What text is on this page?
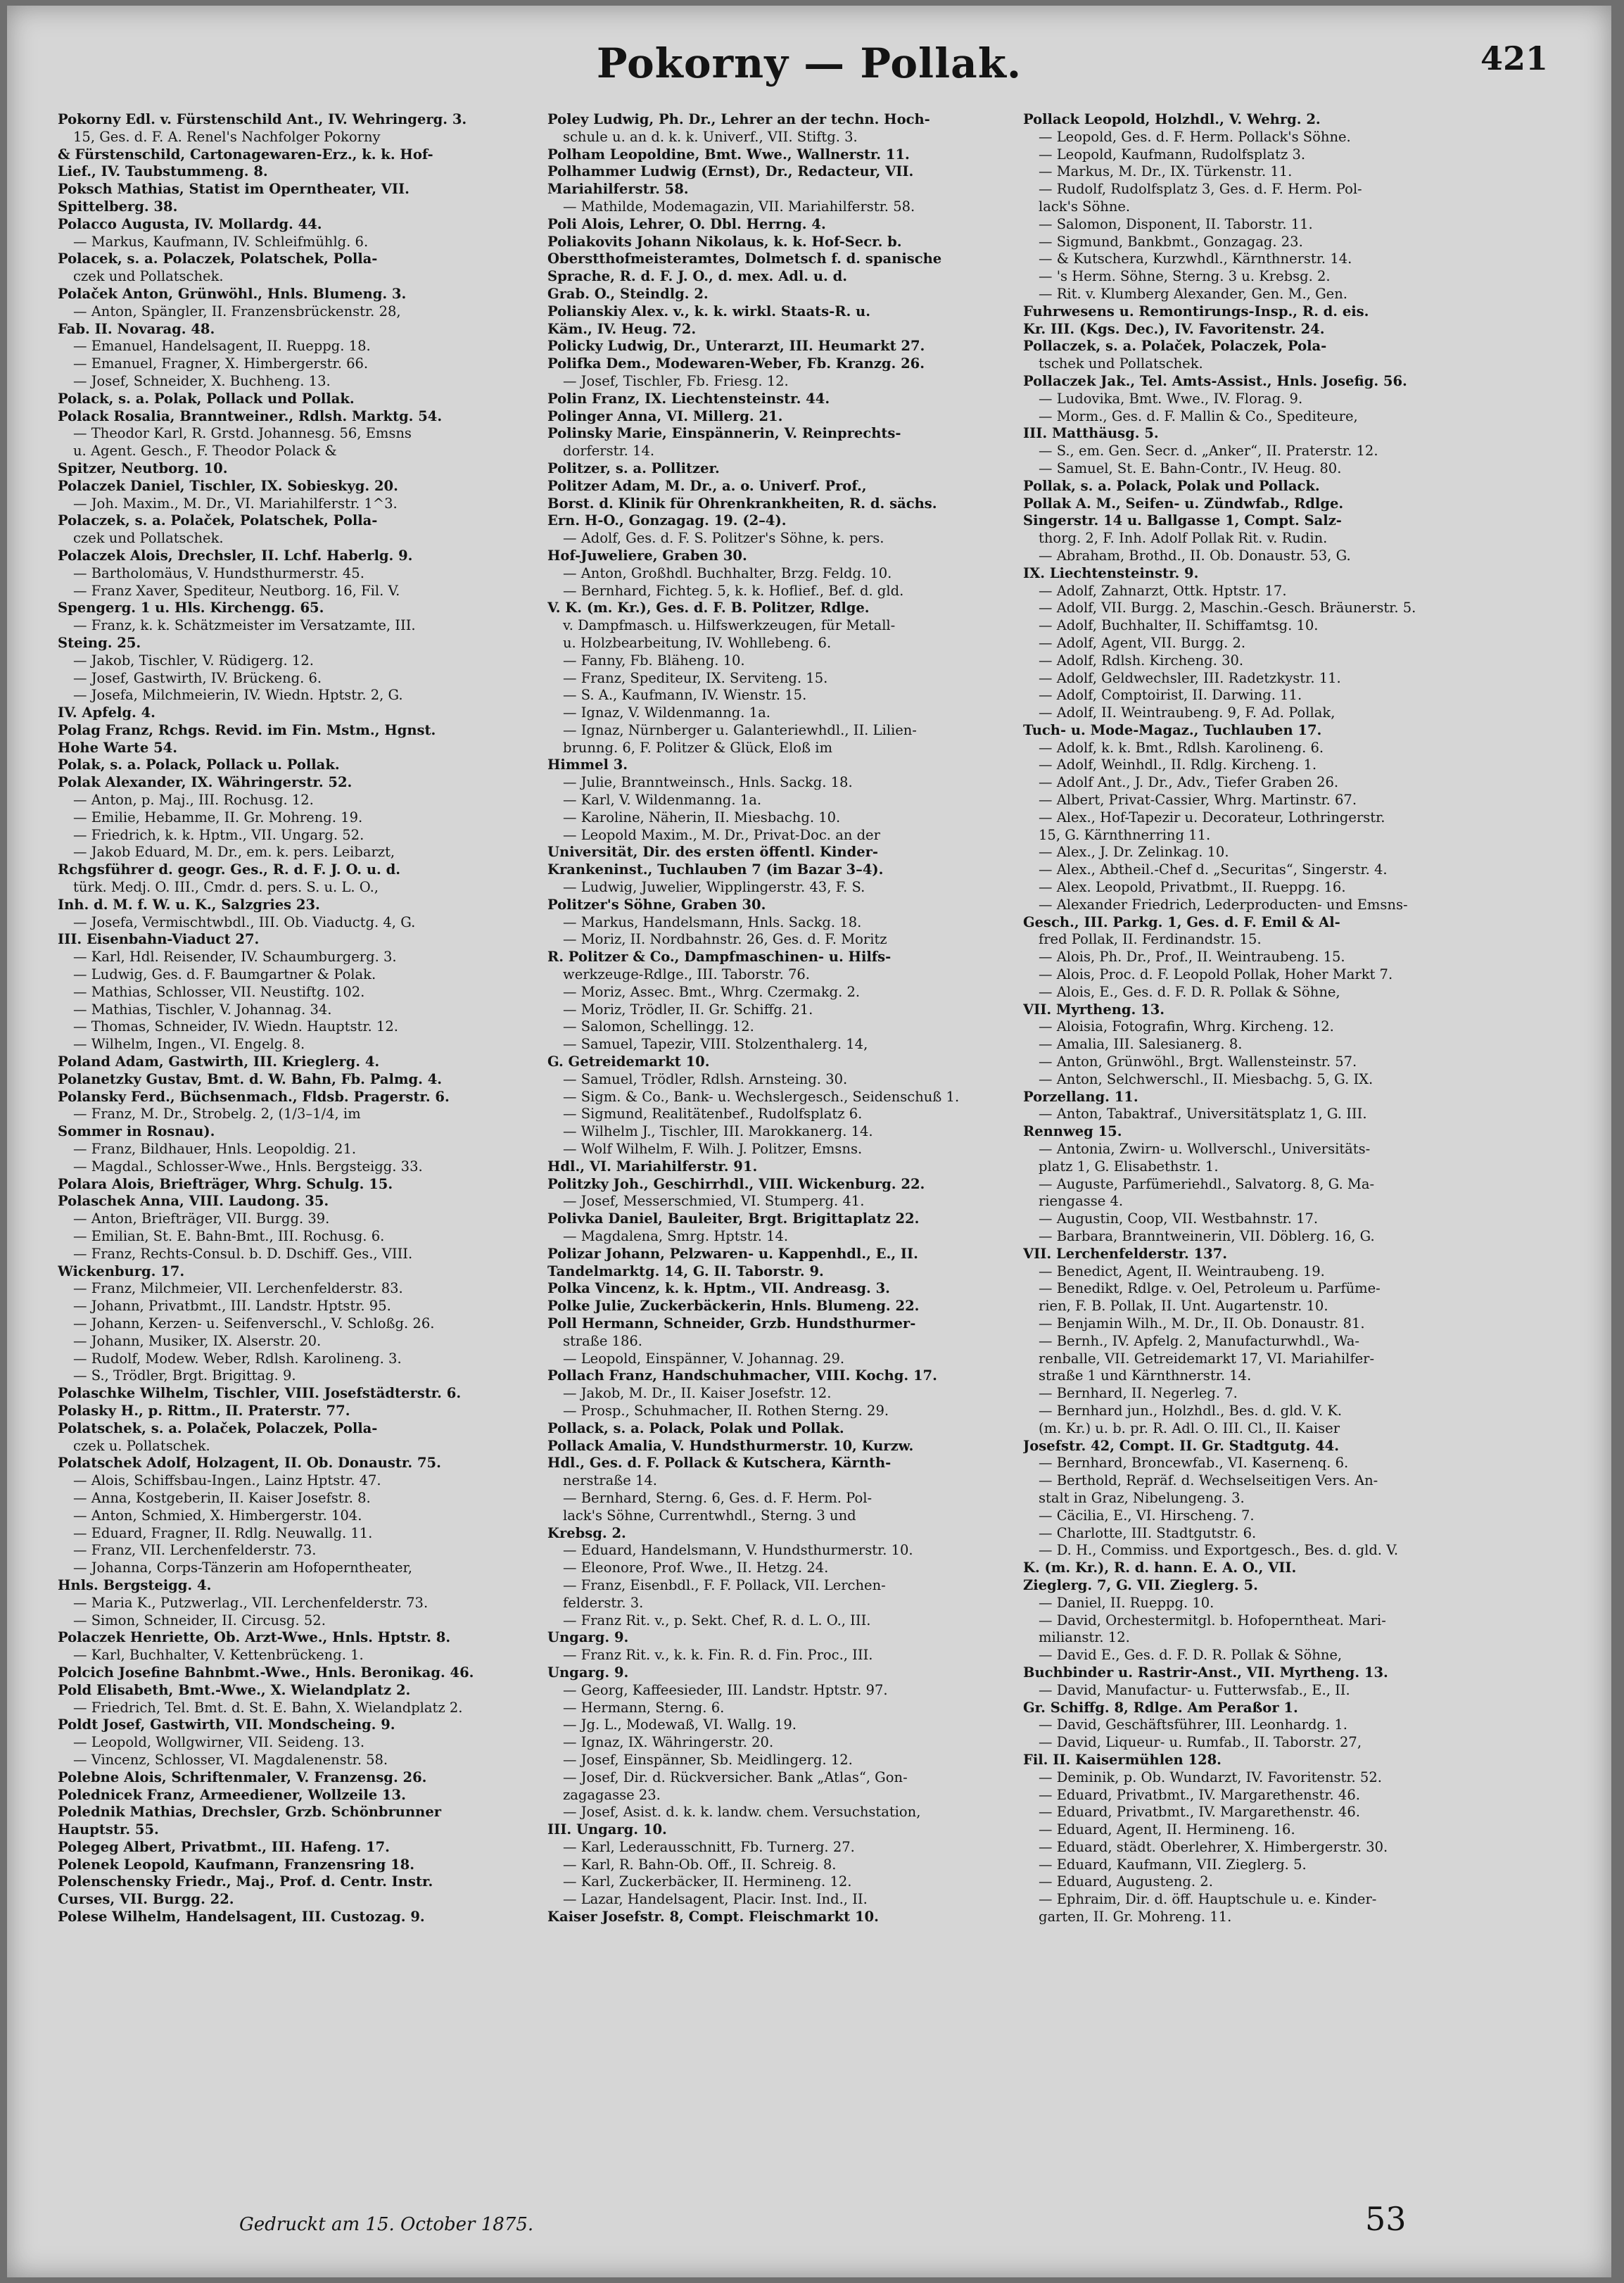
Pokorny — Pollak.	421
Pokorny Edl. v. Fürstenschild Ant., IV. Wehringerg. 3.
15, Ges. d. F. A. Renel's Nachfolger Pokorny
& Fürstenschild, Cartonagewaren-Erz., k. k. Hof-
Lief., IV. Taubstummeng. 8.
Poksch Mathias, Statist im Operntheater, VII.
Spittelberg. 38.
Polacco Augusta, IV. Mollardg. 44.
— Markus, Kaufmann, IV. Schleifmühlg. 6.
Polacek, s. a. Polaczek, Polatschek, Polla-
czek und Pollatschek.
Polaček Anton, Grünwöhl., Hnls. Blumeng. 3.
— Anton, Spängler, II. Franzensbrückenstr. 28,
Fab. II. Novarag. 48.
— Emanuel, Handelsagent, II. Rueppg. 18.
— Emanuel, Fragner, X. Himbergerstr. 66.
— Josef, Schneider, X. Buchheng. 13.
Polack, s. a. Polak, Pollack und Pollak.
Polack Rosalia, Branntweiner., Rdlsh. Marktg. 54.
— Theodor Karl, R. Grstd. Johannesg. 56, Emsns
u. Agent. Gesch., F. Theodor Polack &
Spitzer, Neutborg. 10.
Polaczek Daniel, Tischler, IX. Sobieskyg. 20.
— Joh. Maxim., M. Dr., VI. Mariahilferstr. 1^3.
Polaczek, s. a. Polaček, Polatschek, Polla-
czek und Pollatschek.
Polaczek Alois, Drechsler, II. Lchf. Haberlg. 9.
— Bartholomäus, V. Hundsthurmerstr. 45.
— Franz Xaver, Spediteur, Neutborg. 16, Fil. V.
Spengerg. 1 u. Hls. Kirchengg. 65.
— Franz, k. k. Schätzmeister im Versatzamte, III.
Steing. 25.
— Jakob, Tischler, V. Rüdigerg. 12.
— Josef, Gastwirth, IV. Brückeng. 6.
— Josefa, Milchmeierin, IV. Wiedn. Hptstr. 2, G.
IV. Apfelg. 4.
Polag Franz, Rchgs. Revid. im Fin. Mstm., Hgnst.
Hohe Warte 54.
Polak, s. a. Polack, Pollack u. Pollak.
Polak Alexander, IX. Währingerstr. 52.
— Anton, p. Maj., III. Rochusg. 12.
— Emilie, Hebamme, II. Gr. Mohreng. 19.
— Friedrich, k. k. Hptm., VII. Ungarg. 52.
— Jakob Eduard, M. Dr., em. k. pers. Leibarzt,
Rchgsführer d. geogr. Ges., R. d. F. J. O. u. d.
türk. Medj. O. III., Cmdr. d. pers. S. u. L. O.,
Inh. d. M. f. W. u. K., Salzgries 23.
— Josefa, Vermischtwbdl., III. Ob. Viaductg. 4, G.
III. Eisenbahn-Viaduct 27.
— Karl, Hdl. Reisender, IV. Schaumburgerg. 3.
— Ludwig, Ges. d. F. Baumgartner & Polak.
— Mathias, Schlosser, VII. Neustiftg. 102.
— Mathias, Tischler, V. Johannag. 34.
— Thomas, Schneider, IV. Wiedn. Hauptstr. 12.
— Wilhelm, Ingen., VI. Engelg. 8.
Poland Adam, Gastwirth, III. Krieglerg. 4.
Polanetzky Gustav, Bmt. d. W. Bahn, Fb. Palmg. 4.
Polansky Ferd., Büchsenmach., Fldsb. Pragerstr. 6.
— Franz, M. Dr., Strobelg. 2, (1/3–1/4, im
Sommer in Rosnau).
— Franz, Bildhauer, Hnls. Leopoldig. 21.
— Magdal., Schlosser-Wwe., Hnls. Bergsteigg. 33.
Polara Alois, Briefträger, Whrg. Schulg. 15.
Polaschek Anna, VIII. Laudong. 35.
— Anton, Briefträger, VII. Burgg. 39.
— Emilian, St. E. Bahn-Bmt., III. Rochusg. 6.
— Franz, Rechts-Consul. b. D. Dschiff. Ges., VIII.
Wickenburg. 17.
— Franz, Milchmeier, VII. Lerchenfelderstr. 83.
— Johann, Privatbmt., III. Landstr. Hptstr. 95.
— Johann, Kerzen- u. Seifenverschl., V. Schloßg. 26.
— Johann, Musiker, IX. Alserstr. 20.
— Rudolf, Modew. Weber, Rdlsh. Karolineng. 3.
— S., Trödler, Brgt. Brigittag. 9.
Polaschke Wilhelm, Tischler, VIII. Josefstädterstr. 6.
Polasky H., p. Rittm., II. Praterstr. 77.
Polatschek, s. a. Polaček, Polaczek, Polla-
czek u. Pollatschek.
Polatschek Adolf, Holzagent, II. Ob. Donaustr. 75.
— Alois, Schiffsbau-Ingen., Lainz Hptstr. 47.
— Anna, Kostgeberin, II. Kaiser Josefstr. 8.
— Anton, Schmied, X. Himbergerstr. 104.
— Eduard, Fragner, II. Rdlg. Neuwallg. 11.
— Franz, VII. Lerchenfelderstr. 73.
— Johanna, Corps-Tänzerin am Hofoperntheater,
Hnls. Bergsteigg. 4.
— Maria K., Putzwerlag., VII. Lerchenfelderstr. 73.
— Simon, Schneider, II. Circusg. 52.
Polaczek Henriette, Ob. Arzt-Wwe., Hnls. Hptstr. 8.
— Karl, Buchhalter, V. Kettenbrückeng. 1.
Polcich Josefine Bahnbmt.-Wwe., Hnls. Beronikag. 46.
Pold Elisabeth, Bmt.-Wwe., X. Wielandplatz 2.
— Friedrich, Tel. Bmt. d. St. E. Bahn, X. Wielandplatz 2.
Poldt Josef, Gastwirth, VII. Mondscheing. 9.
— Leopold, Wollgwirner, VII. Seideng. 13.
— Vincenz, Schlosser, VI. Magdalenenstr. 58.
Polebne Alois, Schriftenmaler, V. Franzensg. 26.
Polednicek Franz, Armeediener, Wollzeile 13.
Polednik Mathias, Drechsler, Grzb. Schönbrunner
Hauptstr. 55.
Polegeg Albert, Privatbmt., III. Hafeng. 17.
Polenek Leopold, Kaufmann, Franzensring 18.
Polenschensky Friedr., Maj., Prof. d. Centr. Instr.
Curses, VII. Burgg. 22.
Polese Wilhelm, Handelsagent, III. Custozag. 9.
Poley Ludwig, Ph. Dr., Lehrer an der techn. Hoch-
schule u. an d. k. k. Univerf., VII. Stiftg. 3.
Polham Leopoldine, Bmt. Wwe., Wallnerstr. 11.
Polhammer Ludwig (Ernst), Dr., Redacteur, VII.
Mariahilferstr. 58.
— Mathilde, Modemagazin, VII. Mariahilferstr. 58.
Poli Alois, Lehrer, O. Dbl. Herrng. 4.
Poliakovits Johann Nikolaus, k. k. Hof-Secr. b.
Oberstthofmeisteramtes, Dolmetsch f. d. spanische
Sprache, R. d. F. J. O., d. mex. Adl. u. d.
Grab. O., Steindlg. 2.
Polianskiy Alex. v., k. k. wirkl. Staats-R. u.
Käm., IV. Heug. 72.
Policky Ludwig, Dr., Unterarzt, III. Heumarkt 27.
Polifka Dem., Modewaren-Weber, Fb. Kranzg. 26.
— Josef, Tischler, Fb. Friesg. 12.
Polin Franz, IX. Liechtensteinstr. 44.
Polinger Anna, VI. Millerg. 21.
Polinsky Marie, Einspännerin, V. Reinprechts-
dorferstr. 14.
Politzer, s. a. Pollitzer.
Politzer Adam, M. Dr., a. o. Univerf. Prof.,
Borst. d. Klinik für Ohrenkrankheiten, R. d. sächs.
Ern. H-O., Gonzagag. 19. (2–4).
— Adolf, Ges. d. F. S. Politzer's Söhne, k. pers.
Hof-Juweliere, Graben 30.
— Anton, Großhdl. Buchhalter, Brzg. Feldg. 10.
— Bernhard, Fichteg. 5, k. k. Hoflief., Bef. d. gld.
V. K. (m. Kr.), Ges. d. F. B. Politzer, Rdlge.
v. Dampfmasch. u. Hilfswerkzeugen, für Metall-
u. Holzbearbeitung, IV. Wohllebeng. 6.
— Fanny, Fb. Bläheng. 10.
— Franz, Spediteur, IX. Serviteng. 15.
— S. A., Kaufmann, IV. Wienstr. 15.
— Ignaz, V. Wildenmanng. 1a.
— Ignaz, Nürnberger u. Galanteriewhdl., II. Lilien-
brunng. 6, F. Politzer & Glück, Eloß im
Himmel 3.
— Julie, Branntweinsch., Hnls. Sackg. 18.
— Karl, V. Wildenmanng. 1a.
— Karoline, Näherin, II. Miesbachg. 10.
— Leopold Maxim., M. Dr., Privat-Doc. an der
Universität, Dir. des ersten öffentl. Kinder-
Krankeninst., Tuchlauben 7 (im Bazar 3–4).
— Ludwig, Juwelier, Wipplingerstr. 43, F. S.
Politzer's Söhne, Graben 30.
— Markus, Handelsmann, Hnls. Sackg. 18.
— Moriz, II. Nordbahnstr. 26, Ges. d. F. Moritz
R. Politzer & Co., Dampfmaschinen- u. Hilfs-
werkzeuge-Rdlge., III. Taborstr. 76.
— Moriz, Assec. Bmt., Whrg. Czermakg. 2.
— Moriz, Trödler, II. Gr. Schiffg. 21.
— Salomon, Schellingg. 12.
— Samuel, Tapezir, VIII. Stolzenthalerg. 14,
G. Getreidemarkt 10.
— Samuel, Trödler, Rdlsh. Arnsteing. 30.
— Sigm. & Co., Bank- u. Wechslergesch., Seidenschuß 1.
— Sigmund, Realitätenbef., Rudolfsplatz 6.
— Wilhelm J., Tischler, III. Marokkanerg. 14.
— Wolf Wilhelm, F. Wilh. J. Politzer, Emsns.
Hdl., VI. Mariahilferstr. 91.
Politzky Joh., Geschirrhdl., VIII. Wickenburg. 22.
— Josef, Messerschmied, VI. Stumperg. 41.
Polivka Daniel, Bauleiter, Brgt. Brigittaplatz 22.
— Magdalena, Smrg. Hptstr. 14.
Polizar Johann, Pelzwaren- u. Kappenhdl., E., II.
Tandelmarktg. 14, G. II. Taborstr. 9.
Polka Vincenz, k. k. Hptm., VII. Andreasg. 3.
Polke Julie, Zuckerbäckerin, Hnls. Blumeng. 22.
Poll Hermann, Schneider, Grzb. Hundsthurmer-
straße 186.
— Leopold, Einspänner, V. Johannag. 29.
Pollach Franz, Handschuhmacher, VIII. Kochg. 17.
— Jakob, M. Dr., II. Kaiser Josefstr. 12.
— Prosp., Schuhmacher, II. Rothen Sterng. 29.
Pollack, s. a. Polack, Polak und Pollak.
Pollack Amalia, V. Hundsthurmerstr. 10, Kurzw.
Hdl., Ges. d. F. Pollack & Kutschera, Kärnth-
nerstraße 14.
— Bernhard, Sterng. 6, Ges. d. F. Herm. Pol-
lack's Söhne, Currentwhdl., Sterng. 3 und
Krebsg. 2.
— Eduard, Handelsmann, V. Hundsthurmerstr. 10.
— Eleonore, Prof. Wwe., II. Hetzg. 24.
— Franz, Eisenbdl., F. F. Pollack, VII. Lerchen-
felderstr. 3.
— Franz Rit. v., p. Sekt. Chef, R. d. L. O., III.
Ungarg. 9.
— Franz Rit. v., k. k. Fin. R. d. Fin. Proc., III.
Ungarg. 9.
— Georg, Kaffeesieder, III. Landstr. Hptstr. 97.
— Hermann, Sterng. 6.
— Jg. L., Modewaß, VI. Wallg. 19.
— Ignaz, IX. Währingerstr. 20.
— Josef, Einspänner, Sb. Meidlingerg. 12.
— Josef, Dir. d. Rückversicher. Bank „Atlas“, Gon-
zagagasse 23.
— Josef, Asist. d. k. k. landw. chem. Versuchstation,
III. Ungarg. 10.
— Karl, Lederausschnitt, Fb. Turnerg. 27.
— Karl, R. Bahn-Ob. Off., II. Schreig. 8.
— Karl, Zuckerbäcker, II. Hermineng. 12.
— Lazar, Handelsagent, Placir. Inst. Ind., II.
Kaiser Josefstr. 8, Compt. Fleischmarkt 10.
Pollack Leopold, Holzhdl., V. Wehrg. 2.
— Leopold, Ges. d. F. Herm. Pollack's Söhne.
— Leopold, Kaufmann, Rudolfsplatz 3.
— Markus, M. Dr., IX. Türkenstr. 11.
— Rudolf, Rudolfsplatz 3, Ges. d. F. Herm. Pol-
lack's Söhne.
— Salomon, Disponent, II. Taborstr. 11.
— Sigmund, Bankbmt., Gonzagag. 23.
— & Kutschera, Kurzwhdl., Kärnthnerstr. 14.
— 's Herm. Söhne, Sterng. 3 u. Krebsg. 2.
— Rit. v. Klumberg Alexander, Gen. M., Gen.
Fuhrwesens u. Remontirungs-Insp., R. d. eis.
Kr. III. (Kgs. Dec.), IV. Favoritenstr. 24.
Pollaczek, s. a. Polaček, Polaczek, Pola-
tschek und Pollatschek.
Pollaczek Jak., Tel. Amts-Assist., Hnls. Josefig. 56.
— Ludovika, Bmt. Wwe., IV. Florag. 9.
— Morm., Ges. d. F. Mallin & Co., Spediteure,
III. Matthäusg. 5.
— S., em. Gen. Secr. d. „Anker“, II. Praterstr. 12.
— Samuel, St. E. Bahn-Contr., IV. Heug. 80.
Pollak, s. a. Polack, Polak und Pollack.
Pollak A. M., Seifen- u. Zündwfab., Rdlge.
Singerstr. 14 u. Ballgasse 1, Compt. Salz-
thorg. 2, F. Inh. Adolf Pollak Rit. v. Rudin.
— Abraham, Brothd., II. Ob. Donaustr. 53, G.
IX. Liechtensteinstr. 9.
— Adolf, Zahnarzt, Ottk. Hptstr. 17.
— Adolf, VII. Burgg. 2, Maschin.-Gesch. Bräunerstr. 5.
— Adolf, Buchhalter, II. Schiffamtsg. 10.
— Adolf, Agent, VII. Burgg. 2.
— Adolf, Rdlsh. Kircheng. 30.
— Adolf, Geldwechsler, III. Radetzkystr. 11.
— Adolf, Comptoirist, II. Darwing. 11.
— Adolf, II. Weintraubeng. 9, F. Ad. Pollak,
Tuch- u. Mode-Magaz., Tuchlauben 17.
— Adolf, k. k. Bmt., Rdlsh. Karolineng. 6.
— Adolf, Weinhdl., II. Rdlg. Kircheng. 1.
— Adolf Ant., J. Dr., Adv., Tiefer Graben 26.
— Albert, Privat-Cassier, Whrg. Martinstr. 67.
— Alex., Hof-Tapezir u. Decorateur, Lothringerstr.
15, G. Kärnthnerring 11.
— Alex., J. Dr. Zelinkag. 10.
— Alex., Abtheil.-Chef d. „Securitas“, Singerstr. 4.
— Alex. Leopold, Privatbmt., II. Rueppg. 16.
— Alexander Friedrich, Lederproducten- und Emsns-
Gesch., III. Parkg. 1, Ges. d. F. Emil & Al-
fred Pollak, II. Ferdinandstr. 15.
— Alois, Ph. Dr., Prof., II. Weintraubeng. 15.
— Alois, Proc. d. F. Leopold Pollak, Hoher Markt 7.
— Alois, E., Ges. d. F. D. R. Pollak & Söhne,
VII. Myrtheng. 13.
— Aloisia, Fotografin, Whrg. Kircheng. 12.
— Amalia, III. Salesianerg. 8.
— Anton, Grünwöhl., Brgt. Wallensteinstr. 57.
— Anton, Selchwerschl., II. Miesbachg. 5, G. IX.
Porzellang. 11.
— Anton, Tabaktraf., Universitätsplatz 1, G. III.
Rennweg 15.
— Antonia, Zwirn- u. Wollverschl., Universitäts-
platz 1, G. Elisabethstr. 1.
— Auguste, Parfümeriehdl., Salvatorg. 8, G. Ma-
riengasse 4.
— Augustin, Coop, VII. Westbahnstr. 17.
— Barbara, Branntweinerin, VII. Döblerg. 16, G.
VII. Lerchenfelderstr. 137.
— Benedict, Agent, II. Weintraubeng. 19.
— Benedikt, Rdlge. v. Oel, Petroleum u. Parfüme-
rien, F. B. Pollak, II. Unt. Augartenstr. 10.
— Benjamin Wilh., M. Dr., II. Ob. Donaustr. 81.
— Bernh., IV. Apfelg. 2, Manufacturwhdl., Wa-
renballe, VII. Getreidemarkt 17, VI. Mariahilfer-
straße 1 und Kärnthnerstr. 14.
— Bernhard, II. Negerleg. 7.
— Bernhard jun., Holzhdl., Bes. d. gld. V. K.
(m. Kr.) u. b. pr. R. Adl. O. III. Cl., II. Kaiser
Josefstr. 42, Compt. II. Gr. Stadtgutg. 44.
— Bernhard, Broncewfab., VI. Kasernenq. 6.
— Berthold, Repräf. d. Wechselseitigen Vers. An-
stalt in Graz, Nibelungeng. 3.
— Cäcilia, E., VI. Hirscheng. 7.
— Charlotte, III. Stadtgutstr. 6.
— D. H., Commiss. und Exportgesch., Bes. d. gld. V.
K. (m. Kr.), R. d. hann. E. A. O., VII.
Zieglerg. 7, G. VII. Zieglerg. 5.
— Daniel, II. Rueppg. 10.
— David, Orchestermitgl. b. Hofoperntheat. Mari-
milianstr. 12.
— David E., Ges. d. F. D. R. Pollak & Söhne,
Buchbinder u. Rastrir-Anst., VII. Myrtheng. 13.
— David, Manufactur- u. Futterwsfab., E., II.
Gr. Schiffg. 8, Rdlge. Am Peraßor 1.
— David, Geschäftsführer, III. Leonhardg. 1.
— David, Liqueur- u. Rumfab., II. Taborstr. 27,
Fil. II. Kaisermühlen 128.
— Deminik, p. Ob. Wundarzt, IV. Favoritenstr. 52.
— Eduard, Privatbmt., IV. Margarethenstr. 46.
— Eduard, Privatbmt., IV. Margarethenstr. 46.
— Eduard, Agent, II. Hermineng. 16.
— Eduard, städt. Oberlehrer, X. Himbergerstr. 30.
— Eduard, Kaufmann, VII. Zieglerg. 5.
— Eduard, Augusteng. 2.
— Ephraim, Dir. d. öff. Hauptschule u. e. Kinder-
garten, II. Gr. Mohreng. 11.
Gedruckt am 15. October 1875.	53
